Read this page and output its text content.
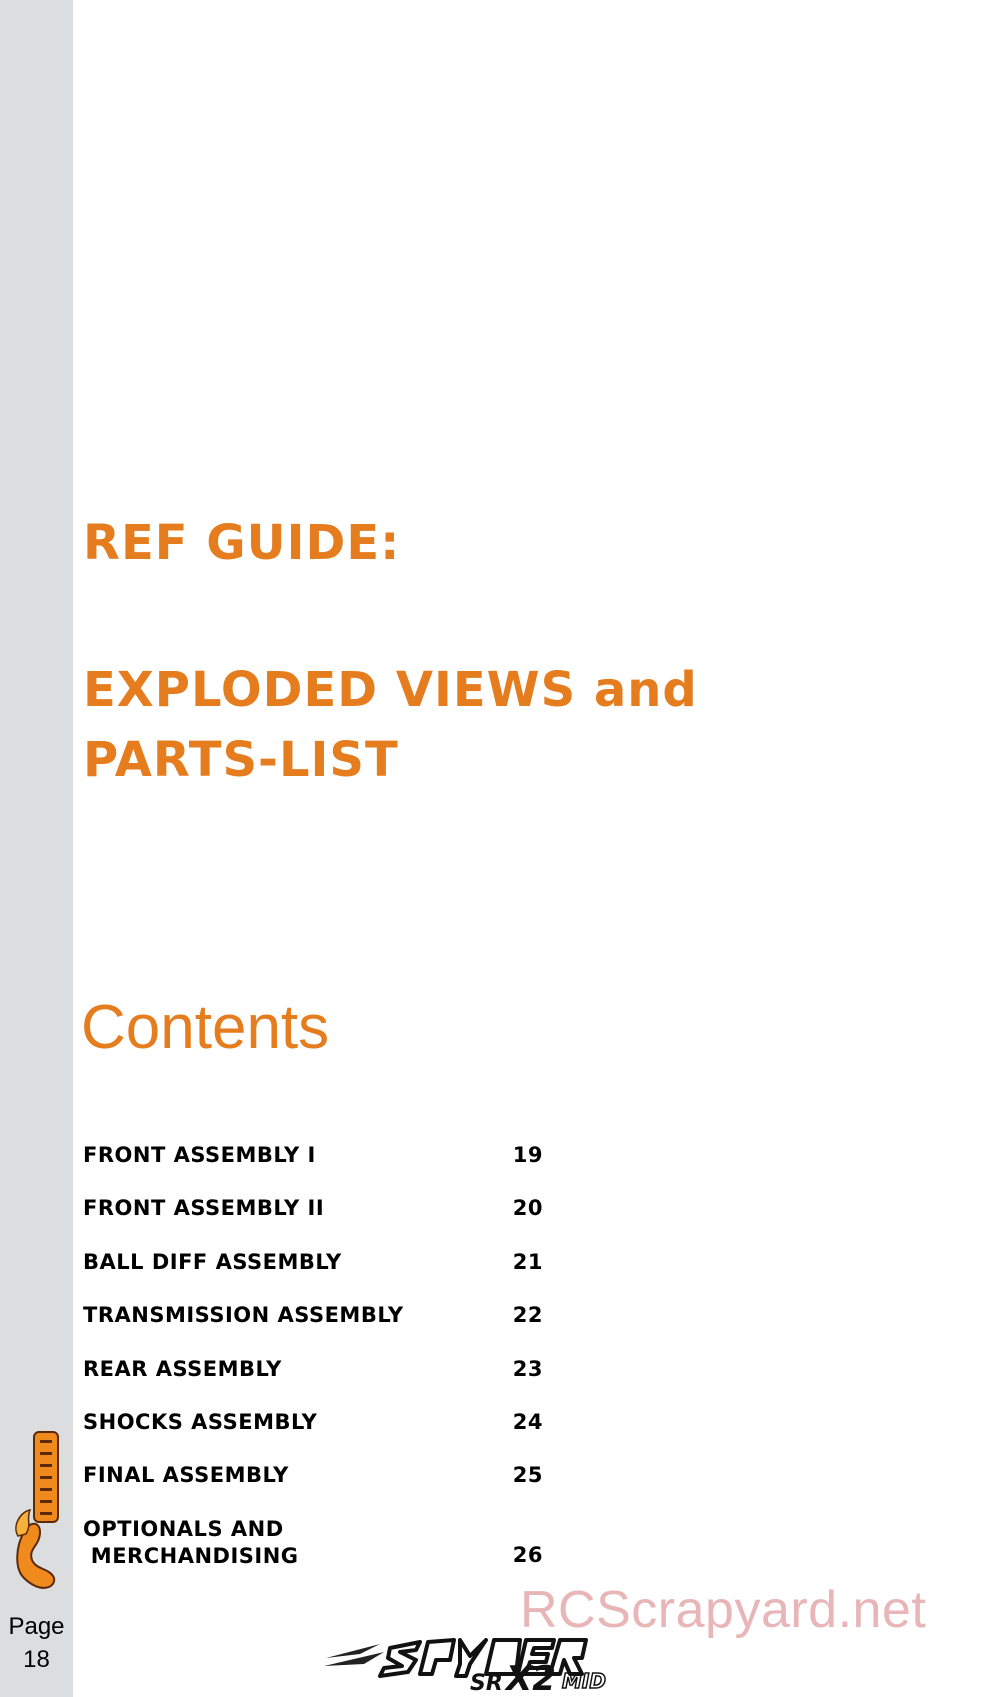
Page
18
REF GUIDE:
EXPLODED VIEWS and
PARTS-LIST
Contents
FRONT ASSEMBLY I	19
FRONT ASSEMBLY II	20
BALL DIFF ASSEMBLY	21
TRANSMISSION ASSEMBLY	22
REAR ASSEMBLY	23
SHOCKS ASSEMBLY	24
FINAL ASSEMBLY	25
OPTIONALS AND
MERCHANDISING	26
RCScrapyard.net
SR X2 MID
